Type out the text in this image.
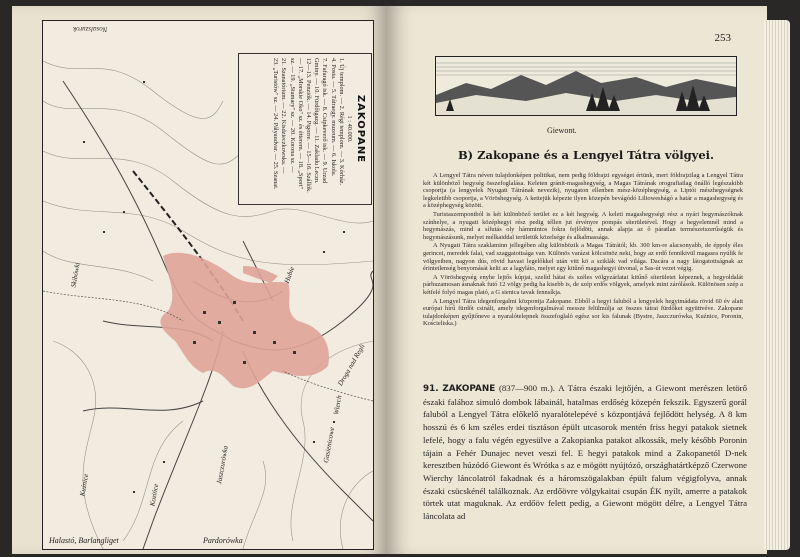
Nosalszurok
ZAKOPANE
1 : 40.000.
1. Új templom. — 2. Régi templom. — 3. Kórház.
4. Posta. — 5. Tátraegy. muzeum. — 6. Iskola.
7. Fafaragó isk. — 8. Csipkeverő isk. — 9. Urzad
Gminy. — 10. Fürdőigazg. — 11. Zakladu Leczn.
12—13. Penziók. — 14. Pigorre. — 15—16. Szállók.
— 17. „Morskie Oko" sz. és étterem. — 18. „Sport"
sz. — 19. „Stamary" sz. — 20. Korona sz. —
21. Szanatórium. — 22. Kisdzieczkowska. —
23. „Turistów" sz. — 24. Pályaudvar. — 25. Szanat.
Hubie
Gasienicowe
Skibówki
Wierch
Droga nad Regli
Kozińce
Kuźnice
Jaszczurówka
Halastó, Barlangliget	Pardorówka
253
Giewont.
B) Zakopane és a Lengyel Tátra völgyei.

A Lengyel Tátra néven tulajdonképen politikai, nem pedig földrajzi egységet értünk, mert földrajzilag a Lengyel Tátra két különböző hegység összefoglalása. Keleten gránit-magashegység, a Magas Tátrának orografiailag önálló legészakibb csoportja (a lengyelek Nyugati Tátrának nevezik), nyugaton ellenben mész-középhegység, a Liptói mészhegységnek legkeletibb csoportja, a Vöröshegység. A kettejük képezte ilyen közepén bevágódó Lilioweshágó a határ a magashegység és a középhegység között.

Turistaszempontból is két különböző terület ez a két hegység. A keleti magashegységi rész a nyári hegymászóknak színhelye, a nyugati középhegyi rész pedig téllen jut érvényre pompás síterületével. Hogy a hegyelemnél mind a hegymászás, mind a sífutás oly hámmintos fokra fejlődött, annak alapja az ő páratlan természetszerűségük és hegymászásunk, melyet mélkaiddal területük közelsége és alkalmassága.

A Nyugati Tátra szaklaminn jellegében alig különbözik a Magas Tátrától; kb. 300 km-re alacsonyabb, de éppoly éles gerincei, meredek falai, vad szaggatottsága van. Különös varázst kölcsönöz neki, hogy az erdő fennikivül magasra nyúlik fe völgyeiben, nagyon dús, rövid havasi legelőkkel után vitt kö a sziklák vad világa. Dacára a nagy látogatottságnak az érintetlenség benyomását kelti az a lagyláto, melyet egy kitűnő magashegyi útvonal, a Sas-út vezet végig.

A Vöröshegység enyhe lejtős kúpjai, szelíd hátai és széles völgyzárlatai kitűnő síterületet képeznek, a hegyoldalát párhuzamosan ásnaknak futó 12 völgy pedig ha kisebb is, de szép erdős völgyek, amelyek mint zárólások. Különösen szép a kétfelé folyó magas plató, a G sienica tavak fennsíkja.

A Lengyel Tátra idegenforgalmi központja Zakopane. Ebből a hegyi faluból a lengyelek hegyimádata rövid 60 év alatt európai hírű fürdőt csinált, amely idegenforgalmával messze felülmúlja az összes tátrai fürdőket együttvéve. Zakopane tulajdonképen gyűjtőneve a nyaralótelepnek összefoglaló egész sor kis falunak (Bystre, Jaszczurówka, Kuźnice, Poronin, Kościeliska.)

91. ZAKOPANE (837—900 m.). A Tátra északi lejtőjén, a Giewont merészen letörő északi falához simuló dombok lábainál, hatalmas erdőség közepén fekszik. Egyszerű gorál faluból a Lengyel Tátra előkelő nyaralótelepévé s központjává fejlődött helység. A 8 km hosszú és 6 km széles erdei tisztáson épült utcasorok mentén friss hegyi patakok sietnek lefelé, hogy a falu végén egyesülve a Zakopianka patakot alkossák, mely később Poronin tájain a Fehér Dunajec nevet veszi fel. E hegyi patakok mind a Zakopanetól D-nek keresztben húzódó Giewont és Wrótka s az e mögött nyújtózó, országhatártképző Czerwone Wierchy láncolatról fakadnak és a háromszögalakban épült falum végigfolyva, annak északi csücskénél találkoznak. Az erdőövre völgykaitai csupán ÉK nyílt, amerre a patakok törtek utat maguknak. Az erdőöv felett pedig, a Giewont mögött délre, a Lengyel Tátra láncolata ad
